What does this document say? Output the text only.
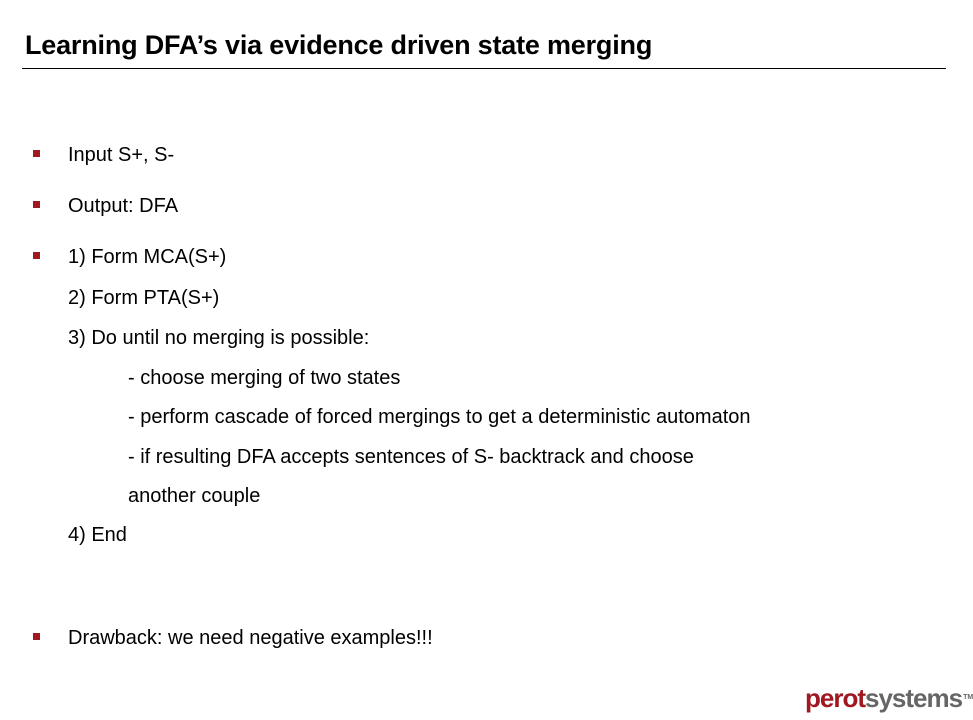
Learning DFA’s via evidence driven state merging
Input S+, S-
Output: DFA
1) Form MCA(S+)
2) Form PTA(S+)
3) Do until no merging is possible:
- choose merging of two states
- perform cascade of forced mergings to get a deterministic automaton
- if resulting DFA accepts sentences of S- backtrack and choose
another couple
4) End
Drawback: we need negative examples!!!
perotsystems™
